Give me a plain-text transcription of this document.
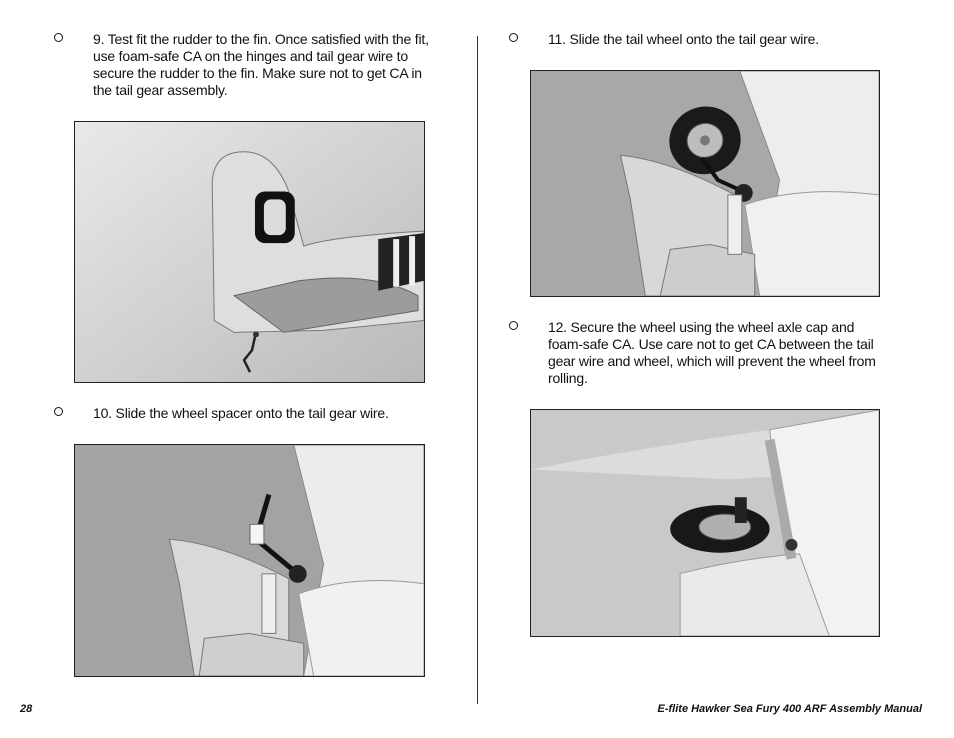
9. Test fit the rudder to the fin. Once satisfied with the fit, use foam-safe CA on the hinges and tail gear wire to secure the rudder to the fin. Make sure not to get CA in the tail gear assembly.
O
10. Slide the wheel spacer onto the tail gear wire.
11. Slide the tail wheel onto the tail gear wire.
12. Secure the wheel using the wheel axle cap and foam-safe CA. Use care not to get CA between the tail gear wire and wheel, which will prevent the wheel from rolling.
28	E-flite Hawker Sea Fury 400 ARF Assembly Manual
